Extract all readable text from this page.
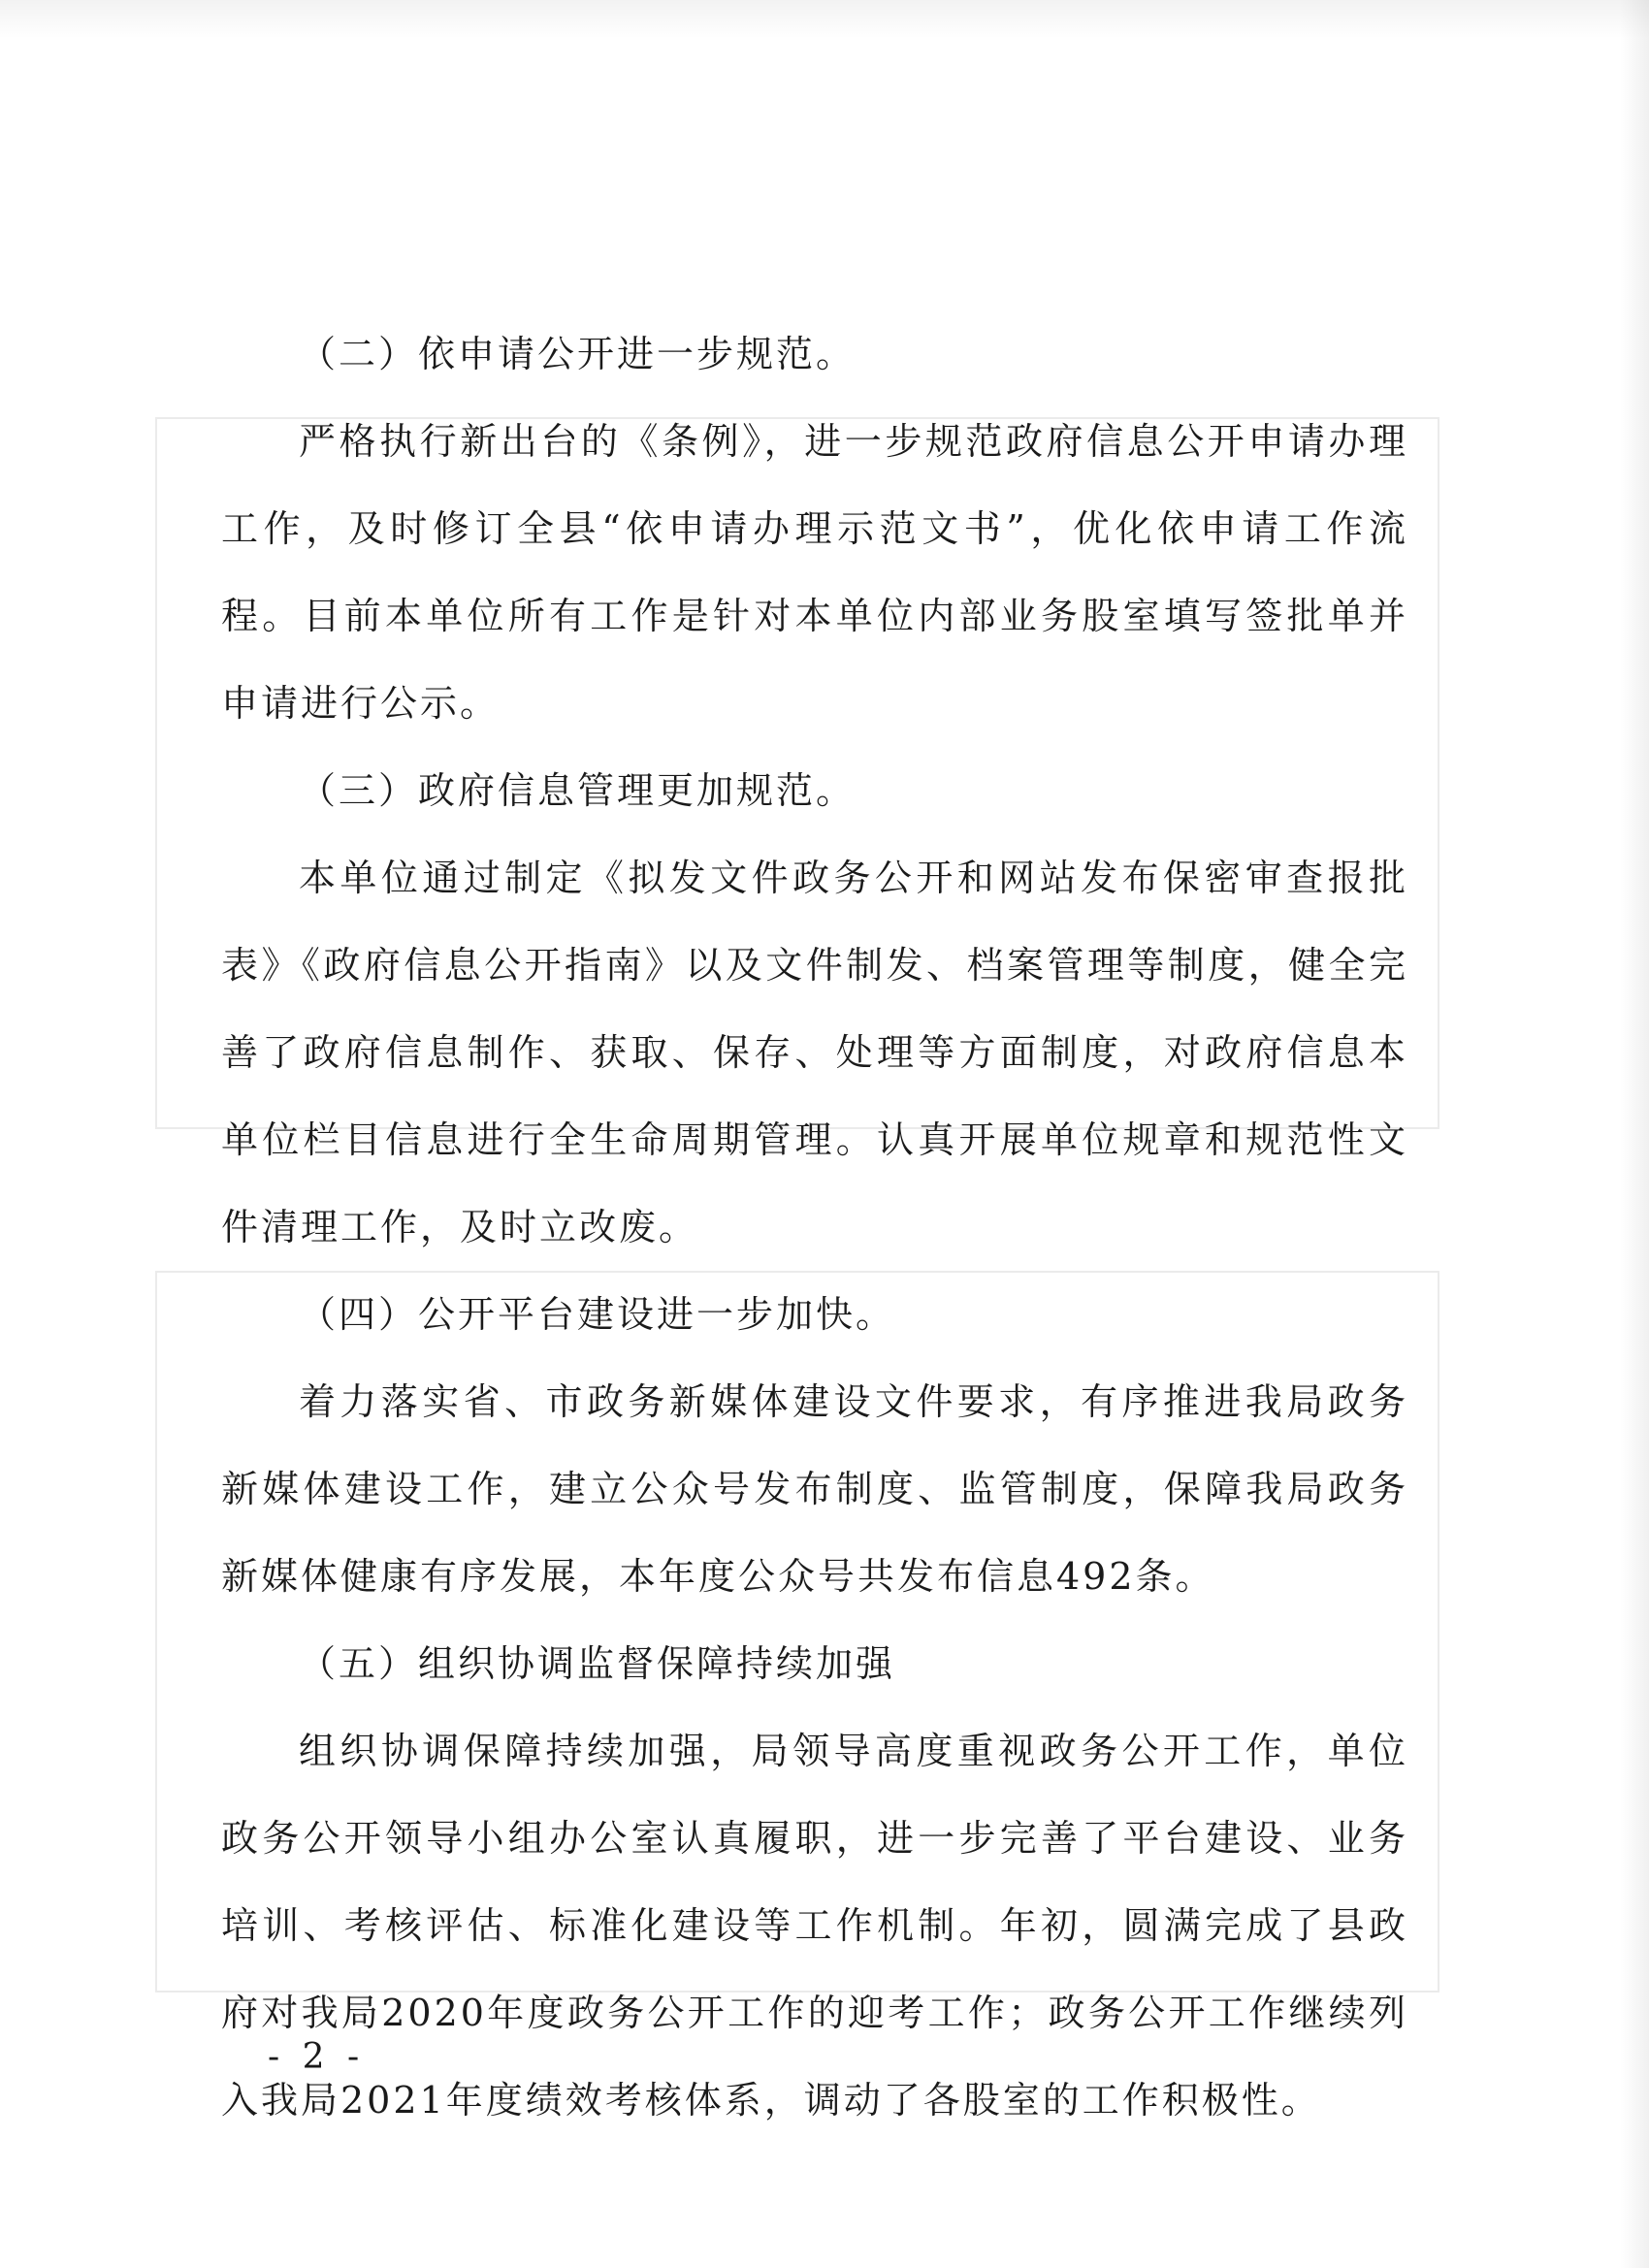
（二）依申请公开进一步规范。

严格执行新出台的《条例》，进一步规范政府信息公开申请办理工作，及时修订全县“依申请办理示范文书”，优化依申请工作流程。目前本单位所有工作是针对本单位内部业务股室填写签批单并申请进行公示。

（三）政府信息管理更加规范。

本单位通过制定《拟发文件政务公开和网站发布保密审查报批表》《政府信息公开指南》以及文件制发、档案管理等制度，健全完善了政府信息制作、获取、保存、处理等方面制度，对政府信息本单位栏目信息进行全生命周期管理。认真开展单位规章和规范性文件清理工作，及时立改废。

（四）公开平台建设进一步加快。

着力落实省、市政务新媒体建设文件要求，有序推进我局政务新媒体建设工作，建立公众号发布制度、监管制度，保障我局政务新媒体健康有序发展，本年度公众号共发布信息492条。

（五）组织协调监督保障持续加强

组织协调保障持续加强，局领导高度重视政务公开工作，单位政务公开领导小组办公室认真履职，进一步完善了平台建设、业务培训、考核评估、标准化建设等工作机制。年初，圆满完成了县政府对我局2020年度政务公开工作的迎考工作；政务公开工作继续列入我局2021年度绩效考核体系，调动了各股室的工作积极性。

- 2 -
